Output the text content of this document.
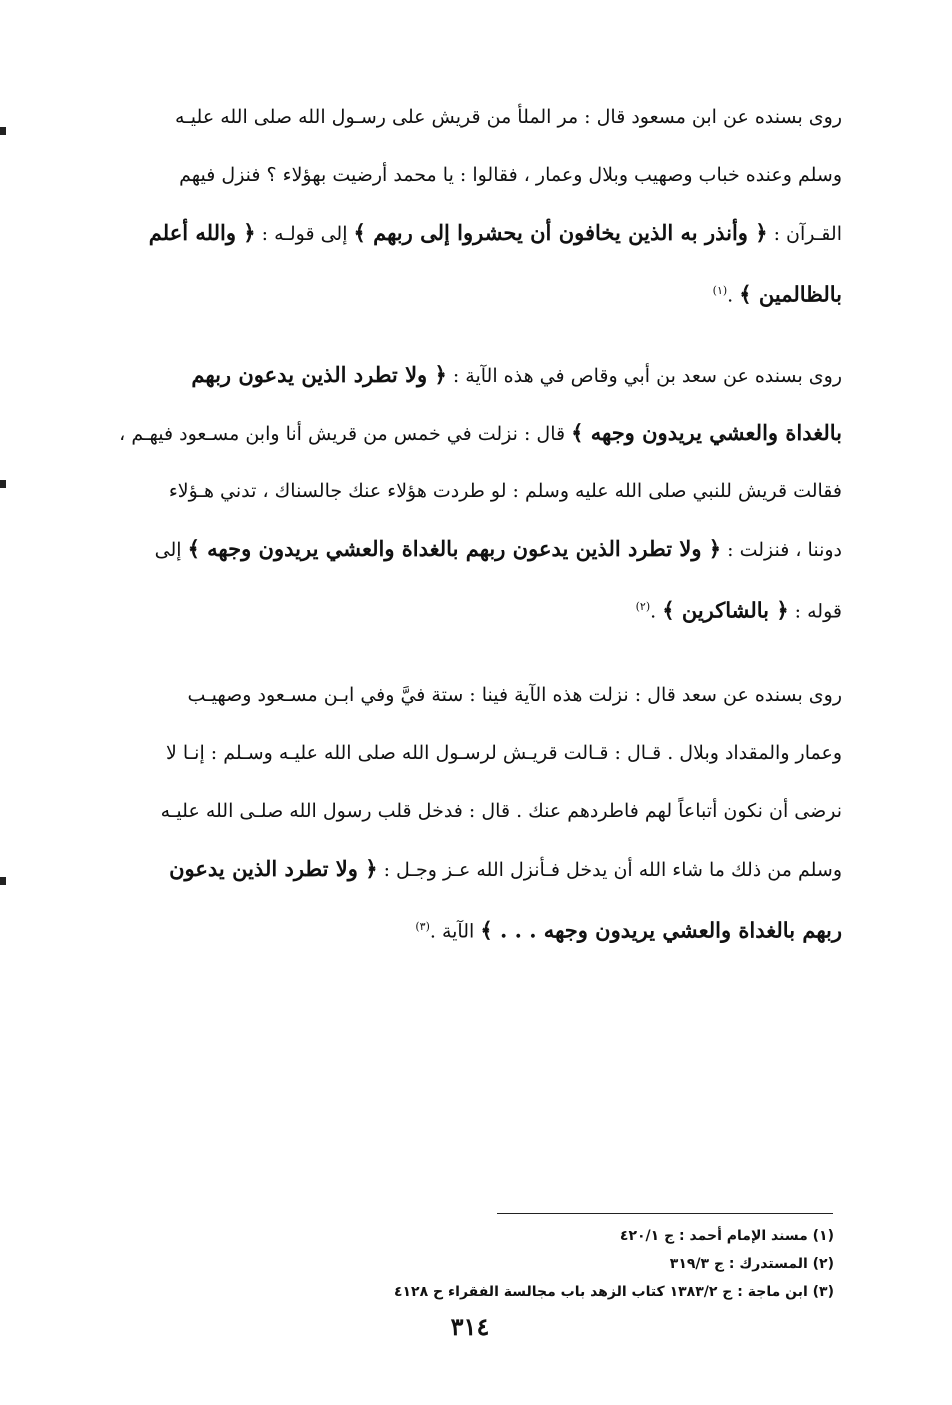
روى بسنده عن ابن مسعود قال : مر الملأ من قريش على رسـول الله صلى الله عليـه
وسلم وعنده خباب وصهيب وبلال وعمار ، فقالوا : يا محمد أرضيت بهؤلاء ؟ فنزل فيهم
القـرآن : ﴿ وأنذر به الذين يخافون أن يحشروا إلى ربهم ﴾ إلى قولـه : ﴿ والله أعلم
بالظالمين ﴾ .$^{(١)}$
روى بسنده عن سعد بن أبي وقاص في هذه الآية : ﴿ ولا تطرد الذين يدعون ربهم
بالغداة والعشي يريدون وجهه ﴾ قال : نزلت في خمس من قريش أنا وابن مسـعود فيهـم ،
فقالت قريش للنبي صلى الله عليه وسلم : لو طردت هؤلاء عنك جالسناك ، تدني هـؤلاء
دوننا ، فنزلت : ﴿ ولا تطرد الذين يدعون ربهم بالغداة والعشي يريدون وجهه ﴾ إلى
قوله : ﴿ بالشاكرين ﴾ .$^{(٢)}$
روى بسنده عن سعد قال : نزلت هذه الآية فينا : ستة فيَّ وفي ابـن مسـعود وصهيـب
وعمار والمقداد وبلال . قـال : قـالت قريـش لرسـول الله صلى الله عليـه وسـلم : إنـا لا
نرضى أن نكون أتباعاً لهم فاطردهم عنك . قال : فدخل قلب رسول الله صلـى الله عليـه
وسلم من ذلك ما شاء الله أن يدخل فـأنزل الله عـز وجـل : ﴿ ولا تطرد الذين يدعون
ربهم بالغداة والعشي يريدون وجهه . . . ﴾ الآية .$^{(٣)}$
(١) مسند الإمام أحمد : ج ٤٢٠/١
(٢) المستدرك : ج ٣١٩/٣
(٣) ابن ماجة : ج ١٣٨٣/٢ كتاب الزهد باب مجالسة الفقراء ح ٤١٢٨
٣١٤
